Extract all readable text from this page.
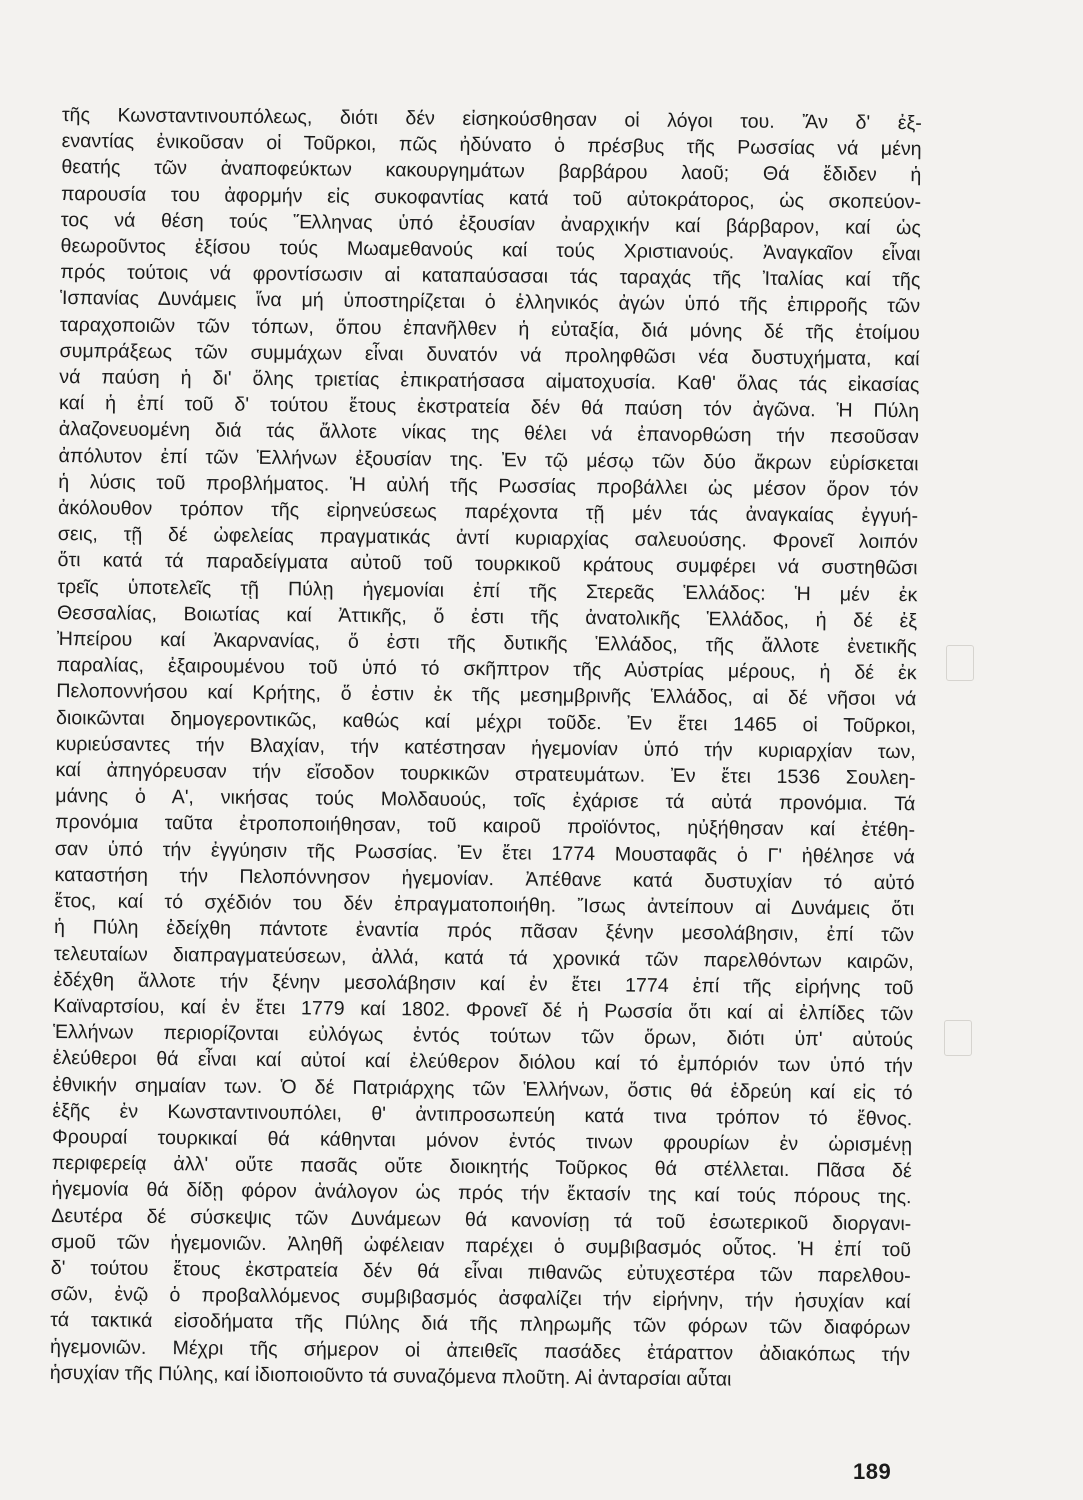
τῆς Κωνσταντινουπόλεως, διότι δέν εἰσηκούσθησαν οἱ λόγοι του. Ἄν δ' ἐξ-
εναντίας ἐνικοῦσαν οἱ Τοῦρκοι, πῶς ἠδύνατο ὁ πρέσβυς τῆς Ρωσσίας νά μένη
θεατής τῶν ἀναποφεύκτων κακουργημάτων βαρβάρου λαοῦ; Θά ἔδιδεν ἡ
παρουσία του ἀφορμήν εἰς συκοφαντίας κατά τοῦ αὐτοκράτορος, ὡς σκοπεύον-
τος νά θέση τούς Ἕλληνας ὑπό ἐξουσίαν ἀναρχικήν καί βάρβαρον, καί ὡς
θεωροῦντος ἐξίσου τούς Μωαμεθανούς καί τούς Χριστιανούς. Ἀναγκαῖον εἶναι
πρός τούτοις νά φροντίσωσιν αἱ καταπαύσασαι τάς ταραχάς τῆς Ἰταλίας καί τῆς
Ἱσπανίας Δυνάμεις ἵνα μή ὑποστηρίζεται ὁ ἑλληνικός ἀγών ὑπό τῆς ἐπιρροῆς τῶν
ταραχοποιῶν τῶν τόπων, ὅπου ἐπανῆλθεν ἡ εὐταξία, διά μόνης δέ τῆς ἑτοίμου
συμπράξεως τῶν συμμάχων εἶναι δυνατόν νά προληφθῶσι νέα δυστυχήματα, καί
νά παύση ἡ δι' ὅλης τριετίας ἐπικρατήσασα αἱματοχυσία. Καθ' ὅλας τάς εἰκασίας
καί ἡ ἐπί τοῦ δ' τούτου ἔτους ἐκστρατεία δέν θά παύση τόν ἀγῶνα. Ἡ Πύλη
ἀλαζονευομένη διά τάς ἄλλοτε νίκας της θέλει νά ἐπανορθώση τήν πεσοῦσαν
ἀπόλυτον ἐπί τῶν Ἑλλήνων ἐξουσίαν της. Ἐν τῷ μέσῳ τῶν δύο ἄκρων εὑρίσκεται
ἡ λύσις τοῦ προβλήματος. Ἡ αὐλή τῆς Ρωσσίας προβάλλει ὡς μέσον ὅρον τόν
ἀκόλουθον τρόπον τῆς εἰρηνεύσεως παρέχοντα τῇ μέν τάς ἀναγκαίας ἐγγυή-
σεις, τῇ δέ ὠφελείας πραγματικάς ἀντί κυριαρχίας σαλευούσης. Φρονεῖ λοιπόν
ὅτι κατά τά παραδείγματα αὐτοῦ τοῦ τουρκικοῦ κράτους συμφέρει νά συστηθῶσι
τρεῖς ὑποτελεῖς τῇ Πύλῃ ἡγεμονίαι ἐπί τῆς Στερεᾶς Ἑλλάδος: Ἡ μέν ἐκ
Θεσσαλίας, Βοιωτίας καί Ἀττικῆς, ὅ ἐστι τῆς ἀνατολικῆς Ἑλλάδος, ἡ δέ ἐξ
Ἠπείρου καί Ἀκαρνανίας, ὅ ἐστι τῆς δυτικῆς Ἑλλάδος, τῆς ἄλλοτε ἐνετικῆς
παραλίας, ἐξαιρουμένου τοῦ ὑπό τό σκῆπτρον τῆς Αὐστρίας μέρους, ἡ δέ ἐκ
Πελοποννήσου καί Κρήτης, ὅ ἐστιν ἐκ τῆς μεσημβρινῆς Ἑλλάδος, αἱ δέ νῆσοι νά
διοικῶνται δημογεροντικῶς, καθώς καί μέχρι τοῦδε. Ἐν ἔτει 1465 οἱ Τοῦρκοι,
κυριεύσαντες τήν Βλαχίαν, τήν κατέστησαν ἡγεμονίαν ὑπό τήν κυριαρχίαν των,
καί ἀπηγόρευσαν τήν εἴσοδον τουρκικῶν στρατευμάτων. Ἐν ἔτει 1536 Σουλεη-
μάνης ὁ Α', νικήσας τούς Μολδαυούς, τοῖς ἐχάρισε τά αὐτά προνόμια. Τά
προνόμια ταῦτα ἐτροποποιήθησαν, τοῦ καιροῦ προϊόντος, ηὐξήθησαν καί ἐτέθη-
σαν ὑπό τήν ἐγγύησιν τῆς Ρωσσίας. Ἐν ἔτει 1774 Μουσταφᾶς ὁ Γ' ἠθέλησε νά
καταστήση τήν Πελοπόννησον ἡγεμονίαν. Ἀπέθανε κατά δυστυχίαν τό αὐτό
ἔτος, καί τό σχέδιόν του δέν ἐπραγματοποιήθη. Ἴσως ἀντείπουν αἱ Δυνάμεις ὅτι
ἡ Πύλη ἐδείχθη πάντοτε ἐναντία πρός πᾶσαν ξένην μεσολάβησιν, ἐπί τῶν
τελευταίων διαπραγματεύσεων, ἀλλά, κατά τά χρονικά τῶν παρελθόντων καιρῶν,
ἐδέχθη ἄλλοτε τήν ξένην μεσολάβησιν καί ἐν ἔτει 1774 ἐπί τῆς εἰρήνης τοῦ
Καϊναρτσίου, καί ἐν ἔτει 1779 καί 1802. Φρονεῖ δέ ἡ Ρωσσία ὅτι καί αἱ ἐλπίδες τῶν
Ἑλλήνων περιορίζονται εὐλόγως ἐντός τούτων τῶν ὅρων, διότι ὑπ' αὐτούς
ἐλεύθεροι θά εἶναι καί αὐτοί καί ἐλεύθερον διόλου καί τό ἐμπόριόν των ὑπό τήν
ἐθνικήν σημαίαν των. Ὁ δέ Πατριάρχης τῶν Ἑλλήνων, ὅστις θά ἑδρεύη καί εἰς τό
ἑξῆς ἐν Κωνσταντινουπόλει, θ' ἀντιπροσωπεύη κατά τινα τρόπον τό ἔθνος.
Φρουραί τουρκικαί θά κάθηνται μόνον ἐντός τινων φρουρίων ἐν ὡρισμένῃ
περιφερείᾳ ἀλλ' οὔτε πασᾶς οὔτε διοικητής Τοῦρκος θά στέλλεται. Πᾶσα δέ
ἡγεμονία θά δίδῃ φόρον ἀνάλογον ὡς πρός τήν ἔκτασίν της καί τούς πόρους της.
Δευτέρα δέ σύσκεψις τῶν Δυνάμεων θά κανονίσῃ τά τοῦ ἐσωτερικοῦ διοργανι-
σμοῦ τῶν ἡγεμονιῶν. Ἀληθῆ ὠφέλειαν παρέχει ὁ συμβιβασμός οὗτος. Ἡ ἐπί τοῦ
δ' τούτου ἔτους ἐκστρατεία δέν θά εἶναι πιθανῶς εὐτυχεστέρα τῶν παρελθου-
σῶν, ἐνῷ ὁ προβαλλόμενος συμβιβασμός ἀσφαλίζει τήν εἰρήνην, τήν ἡσυχίαν καί
τά τακτικά εἰσοδήματα τῆς Πύλης διά τῆς πληρωμῆς τῶν φόρων τῶν διαφόρων
ἡγεμονιῶν. Μέχρι τῆς σήμερον οἱ ἀπειθεῖς πασάδες ἐτάραττον ἀδιακόπως τήν
ἡσυχίαν τῆς Πύλης, καί ἰδιοποιοῦντο τά συναζόμενα πλοῦτη. Αἱ ἀνταρσίαι αὗται
189
